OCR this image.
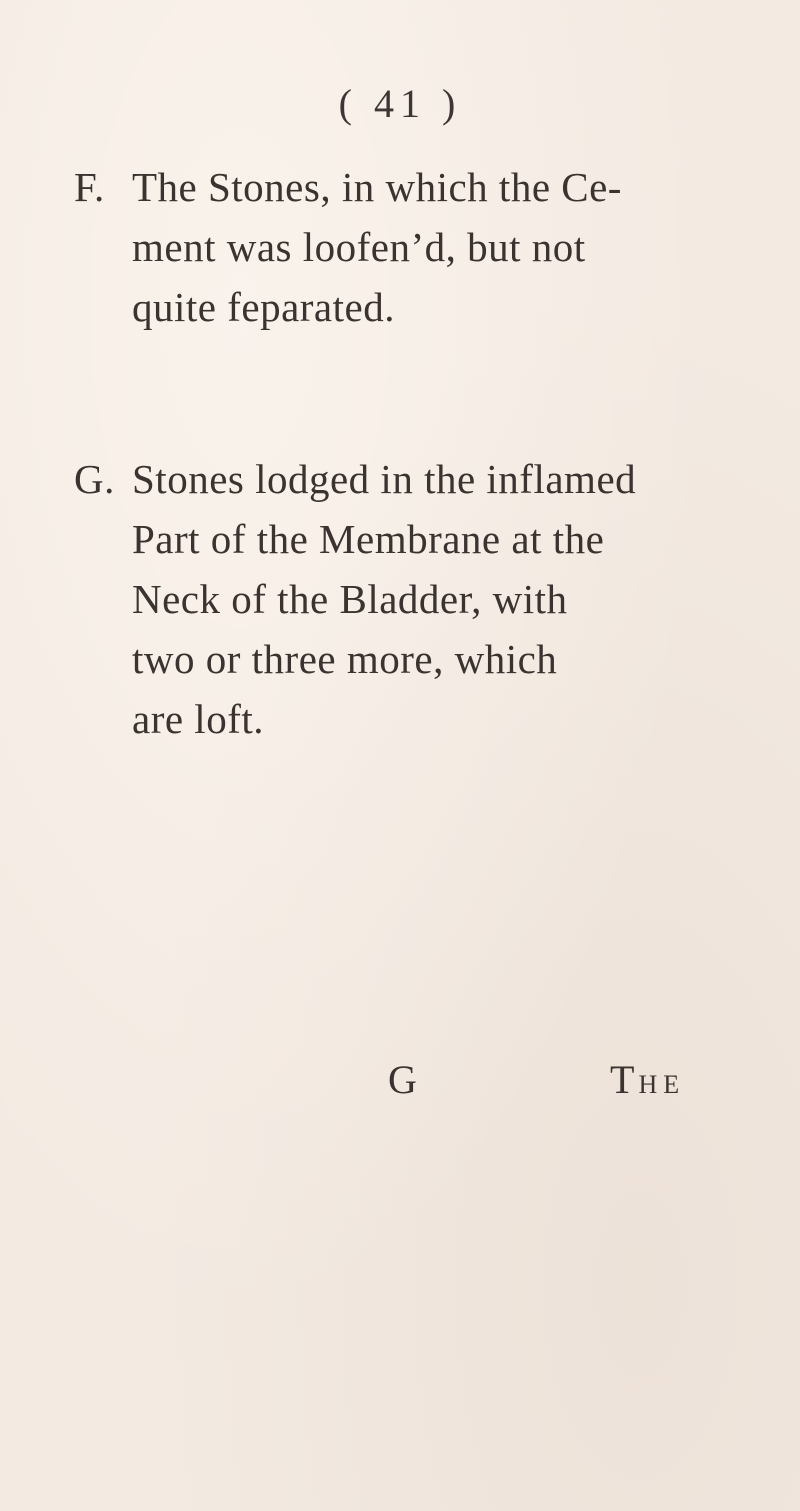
( 41 )
F. The Stones, in which the Ce-
ment was loofen’d, but not
quite feparated.
G. Stones lodged in the inflamed
Part of the Membrane at the
Neck of the Bladder, with
two or three more, which
are loft.
G	THE
